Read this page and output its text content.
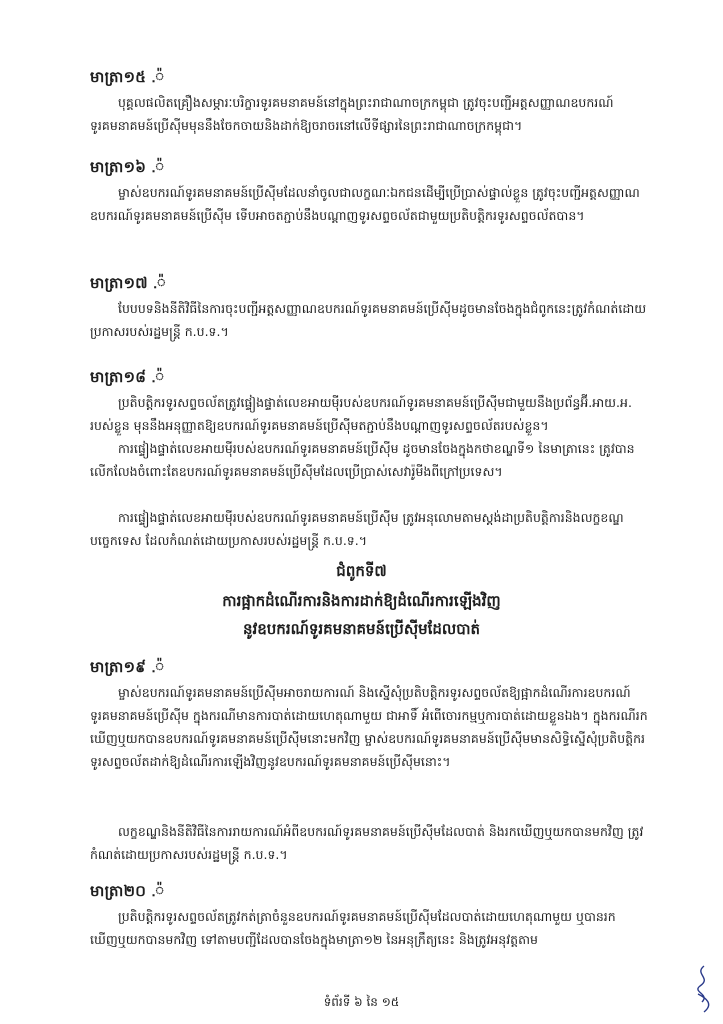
មាត្រា១៥ .៉
បុគ្គលផលិតគ្រឿងសម្ភារៈបរិក្ខារទូរគមនាគមន៍នៅក្នុងព្រះរាជាណាចក្រកម្ពុជា ត្រូវចុះបញ្ជីអត្តសញ្ញាណឧបករណ៍ទូរគមនាគមន៍ប្រើស៊ីមមុននឹងចែកចាយនិងដាក់ឱ្យចរាចរនៅលើទីផ្សារនៃព្រះរាជាណាចក្រកម្ពុជា។
មាត្រា១៦ .៉
ម្ចាស់ឧបករណ៍ទូរគមនាគមន៍ប្រើស៊ីមដែលនាំចូលជាលក្ខណៈឯកជនដើម្បីប្រើប្រាស់ផ្ទាល់ខ្លួន ត្រូវចុះបញ្ជីអត្តសញ្ញាណឧបករណ៍ទូរគមនាគមន៍ប្រើស៊ីម ទើបអាចតភ្ជាប់នឹងបណ្ដាញទូរសព្ទចល័តជាមួយប្រតិបត្តិករទូរសព្ទចល័តបាន។
មាត្រា១៧ .៉
បែបបទនិងនីតិវិធីនៃការចុះបញ្ជីអត្តសញ្ញាណឧបករណ៍ទូរគមនាគមន៍ប្រើស៊ីមដូចមានចែងក្នុងជំពូកនេះត្រូវកំណត់ដោយប្រកាសរបស់រដ្ឋមន្ត្រី ក.ប.ទ.។
មាត្រា១៨ .៉
ប្រតិបត្តិករទូរសព្ទចល័តត្រូវផ្ទៀងផ្ទាត់លេខអាយម៉ីរបស់ឧបករណ៍ទូរគមនាគមន៍ប្រើស៊ីមជាមួយនឹងប្រព័ន្ធអ៊ី.អាយ.អ. របស់ខ្លួន មុននឹងអនុញ្ញាតឱ្យឧបករណ៍ទូរគមនាគមន៍ប្រើស៊ីមតភ្ជាប់នឹងបណ្ដាញទូរសព្ទចល័តរបស់ខ្លួន។
ការផ្ទៀងផ្ទាត់លេខអាយម៉ីរបស់ឧបករណ៍ទូរគមនាគមន៍ប្រើស៊ីម ដូចមានចែងក្នុងកថាខណ្ឌទី១ នៃមាត្រានេះ ត្រូវបានលើកលែងចំពោះតែឧបករណ៍ទូរគមនាគមន៍ប្រើស៊ីមដែលប្រើប្រាស់សេវារ៉ូមីងពីក្រៅប្រទេស។
ការផ្ទៀងផ្ទាត់លេខអាយម៉ីរបស់ឧបករណ៍ទូរគមនាគមន៍ប្រើស៊ីម ត្រូវអនុលោមតាមស្តង់ដាប្រតិបត្តិការនិងលក្ខខណ្ឌបច្ចេកទេស ដែលកំណត់ដោយប្រកាសរបស់រដ្ឋមន្ត្រី ក.ប.ទ.។
ជំពូកទី៧
ការផ្អាកដំណើរការនិងការដាក់ឱ្យដំណើរការឡើងវិញ
នូវឧបករណ៍ទូរគមនាគមន៍ប្រើស៊ីមដែលបាត់
មាត្រា១៩ .៉
ម្ចាស់ឧបករណ៍ទូរគមនាគមន៍ប្រើស៊ីមអាចរាយការណ៍ និងស្នើសុំប្រតិបត្តិករទូរសព្ទចល័តឱ្យផ្អាកដំណើរការឧបករណ៍ទូរគមនាគមន៍ប្រើស៊ីម ក្នុងករណីមានការបាត់ដោយហេតុណាមួយ ជាអាទិ៍ អំពើចោរកម្មឬការបាត់ដោយខ្លួនឯង។ ក្នុងករណីរកឃើញឬយកបានឧបករណ៍ទូរគមនាគមន៍ប្រើស៊ីមនោះមកវិញ ម្ចាស់ឧបករណ៍ទូរគមនាគមន៍ប្រើស៊ីមមានសិទ្ធិស្នើសុំប្រតិបត្តិករទូរសព្ទចល័តដាក់ឱ្យដំណើរការឡើងវិញនូវឧបករណ៍ទូរគមនាគមន៍ប្រើស៊ីមនោះ។
លក្ខខណ្ឌនិងនីតិវិធីនៃការរាយការណ៍អំពីឧបករណ៍ទូរគមនាគមន៍ប្រើស៊ីមដែលបាត់ និងរកឃើញឬយកបានមកវិញ ត្រូវកំណត់ដោយប្រកាសរបស់រដ្ឋមន្ត្រី ក.ប.ទ.។
មាត្រា២០ .៉
ប្រតិបត្តិករទូរសព្ទចល័តត្រូវកត់ត្រាចំនួនឧបករណ៍ទូរគមនាគមន៍ប្រើស៊ីមដែលបាត់ដោយហេតុណាមួយ ឬបានរកឃើញឬយកបានមកវិញ ទៅតាមបញ្ជីដែលបានចែងក្នុងមាត្រា១២ នៃអនុក្រឹត្យនេះ និងត្រូវអនុវត្តតាម
ទំព័រទី ៦ នៃ ១៥
